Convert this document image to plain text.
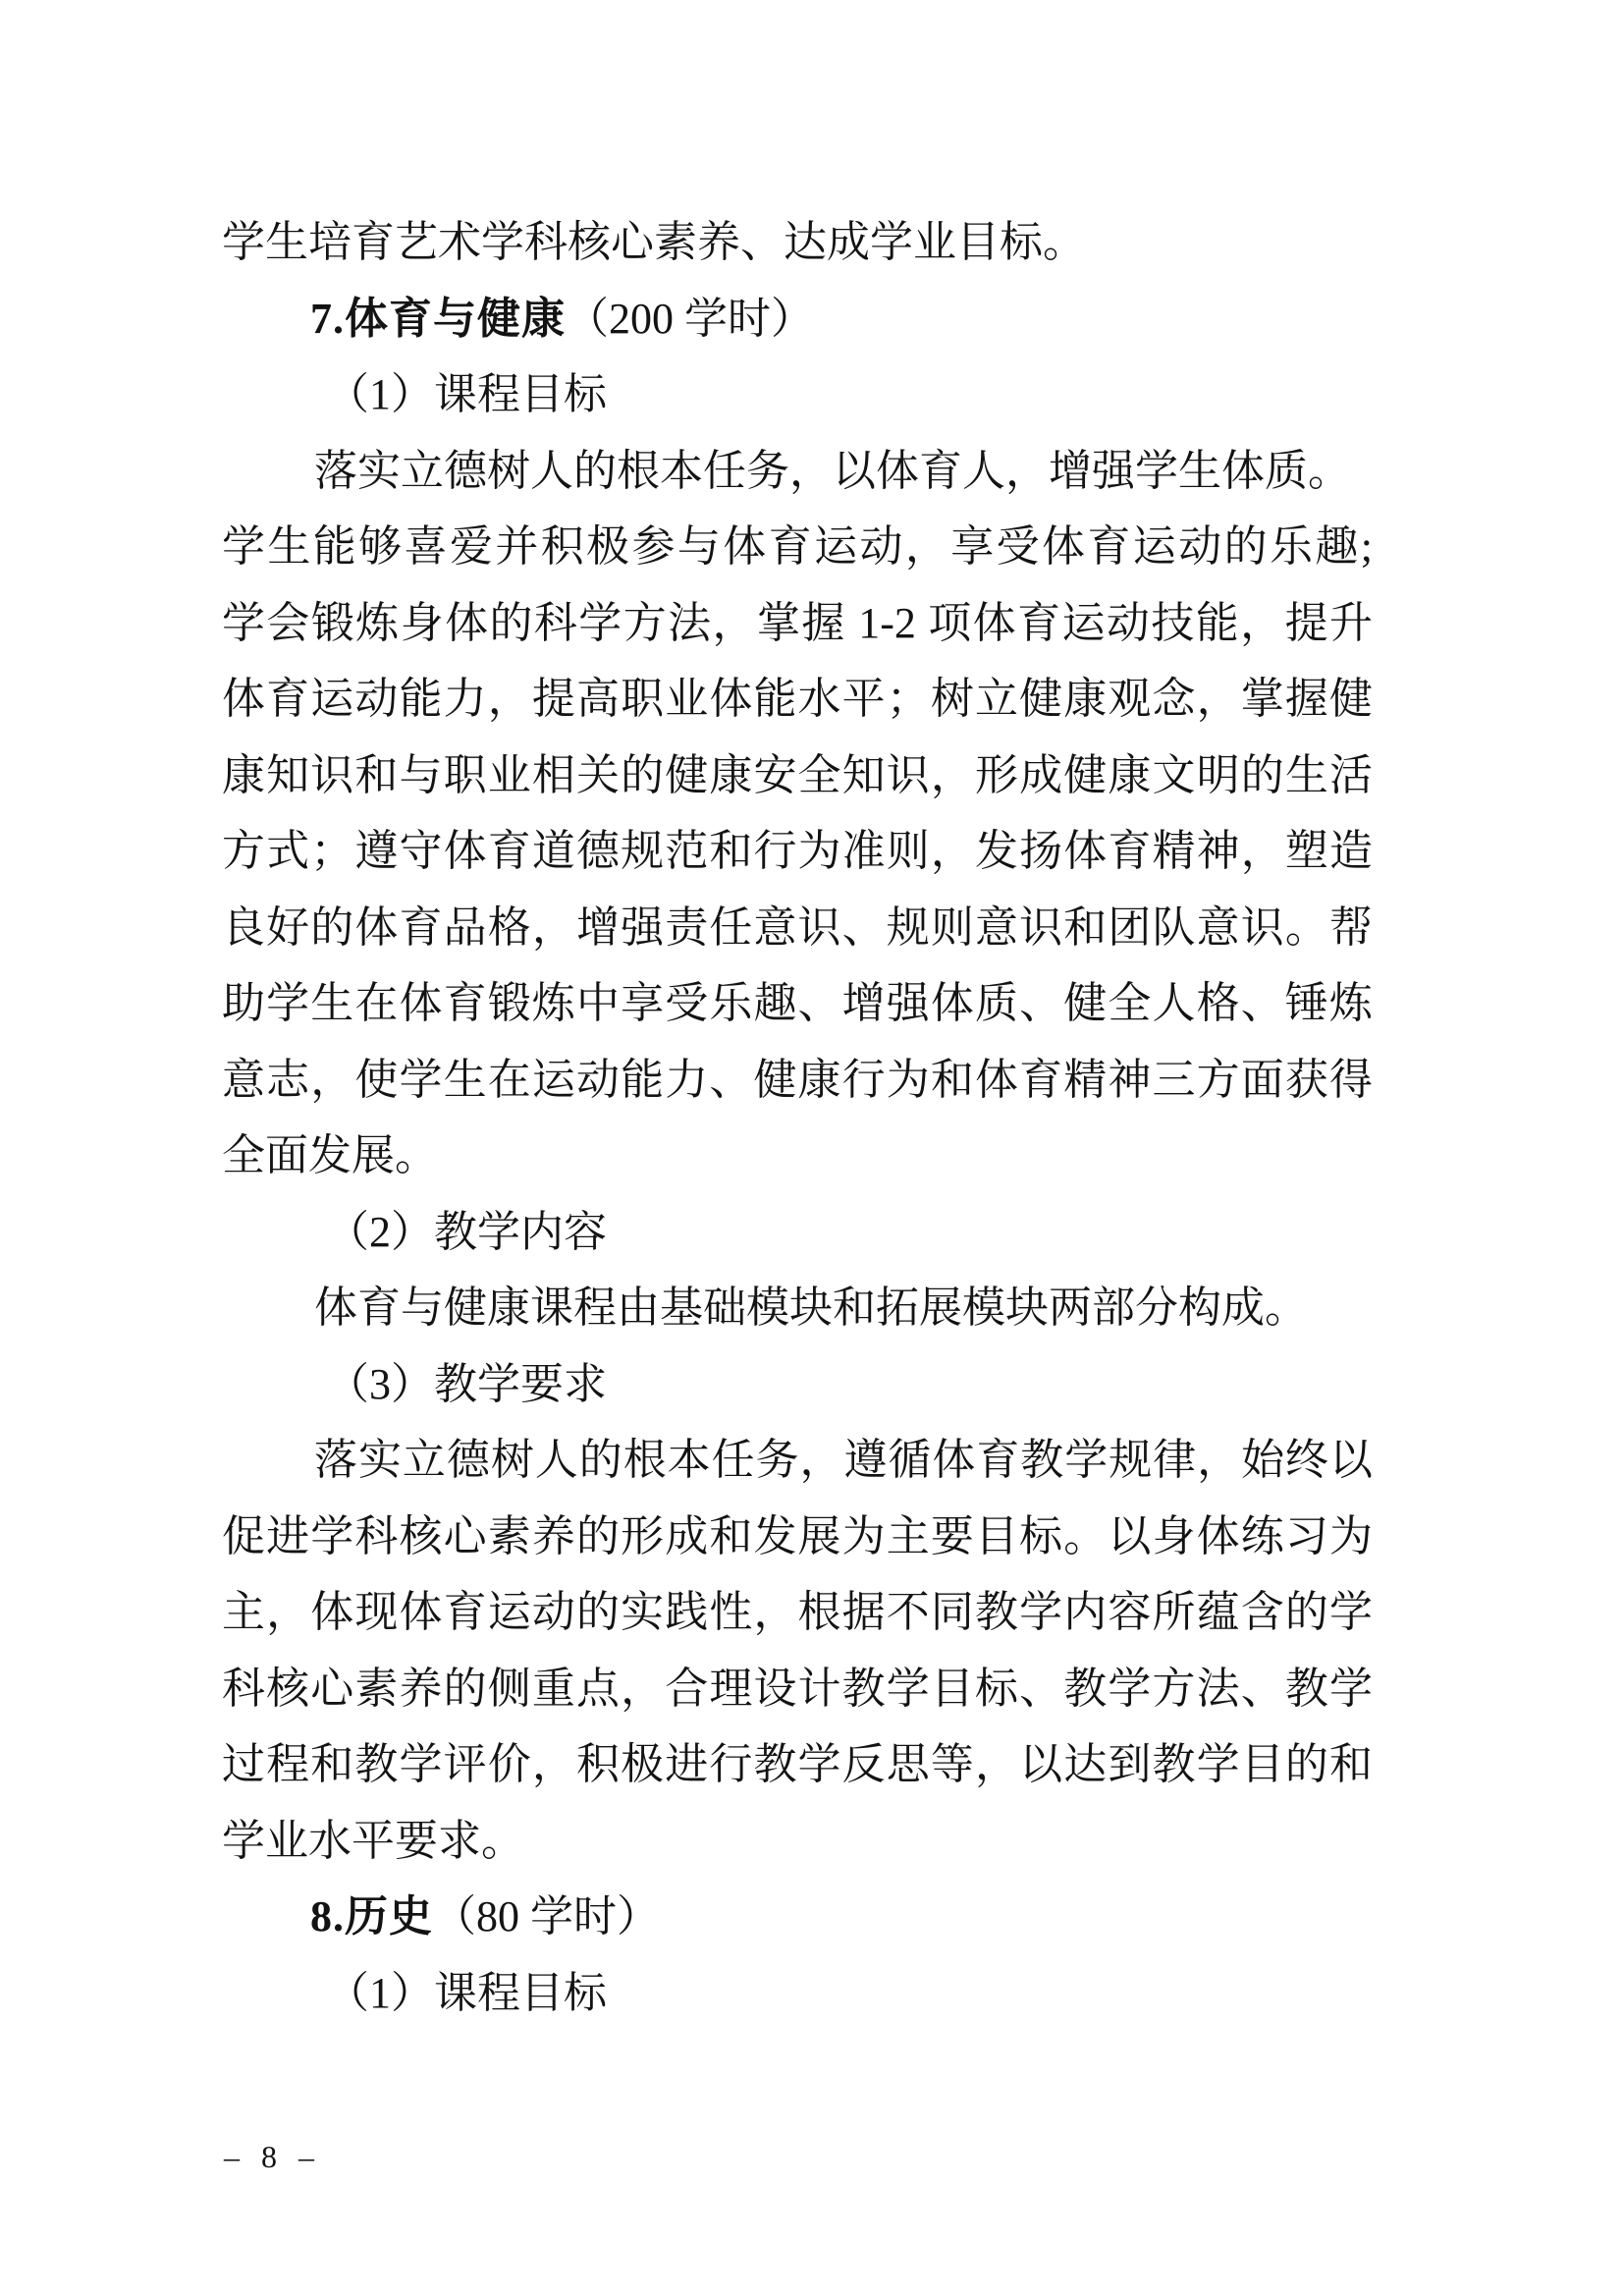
学生培育艺术学科核心素养、达成学业目标。
7.体育与健康（200 学时）
（1）课程目标
落实立德树人的根本任务，以体育人，增强学生体质。
学生能够喜爱并积极参与体育运动，享受体育运动的乐趣;
学会锻炼身体的科学方法，掌握 1-2 项体育运动技能，提升
体育运动能力，提高职业体能水平；树立健康观念，掌握健
康知识和与职业相关的健康安全知识，形成健康文明的生活
方式；遵守体育道德规范和行为准则，发扬体育精神，塑造
良好的体育品格，增强责任意识、规则意识和团队意识。帮
助学生在体育锻炼中享受乐趣、增强体质、健全人格、锤炼
意志，使学生在运动能力、健康行为和体育精神三方面获得
全面发展。
（2）教学内容
体育与健康课程由基础模块和拓展模块两部分构成。
（3）教学要求
落实立德树人的根本任务，遵循体育教学规律，始终以
促进学科核心素养的形成和发展为主要目标。以身体练习为
主，体现体育运动的实践性，根据不同教学内容所蕴含的学
科核心素养的侧重点，合理设计教学目标、教学方法、教学
过程和教学评价，积极进行教学反思等，以达到教学目的和
学业水平要求。
8.历史（80 学时）
（1）课程目标
– 8 –
